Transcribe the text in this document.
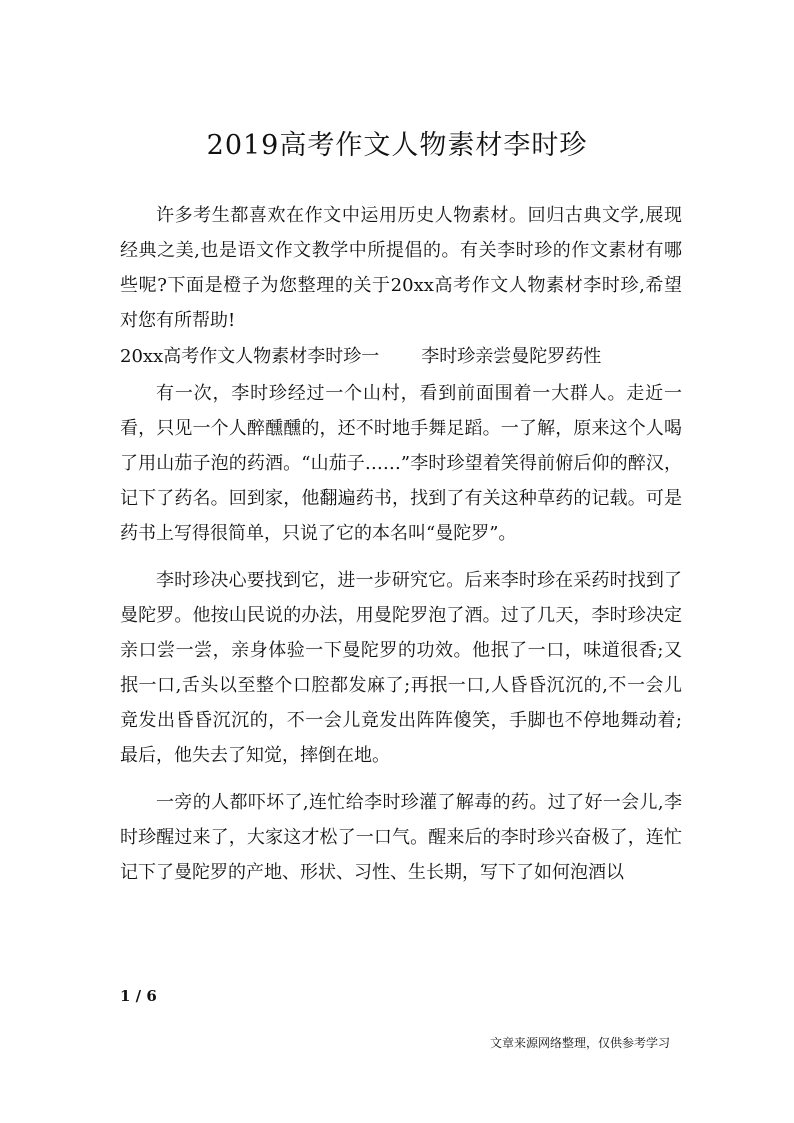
2019高考作文人物素材李时珍

许多考生都喜欢在作文中运用历史人物素材。回归古典文学,展现经典之美,也是语文作文教学中所提倡的。有关李时珍的作文素材有哪些呢?下面是橙子为您整理的关于20xx高考作文人物素材李时珍,希望对您有所帮助!

20xx高考作文人物素材李时珍一 李时珍亲尝曼陀罗药性

有一次，李时珍经过一个山村，看到前面围着一大群人。走近一看，只见一个人醉醺醺的，还不时地手舞足蹈。一了解，原来这个人喝了用山茄子泡的药酒。“山茄子……”李时珍望着笑得前俯后仰的醉汉，记下了药名。回到家，他翻遍药书，找到了有关这种草药的记载。可是药书上写得很简单，只说了它的本名叫“曼陀罗”。

李时珍决心要找到它，进一步研究它。后来李时珍在采药时找到了曼陀罗。他按山民说的办法，用曼陀罗泡了酒。过了几天，李时珍决定亲口尝一尝，亲身体验一下曼陀罗的功效。他抿了一口，味道很香;又抿一口,舌头以至整个口腔都发麻了;再抿一口,人昏昏沉沉的,不一会儿竟发出昏昏沉沉的，不一会儿竟发出阵阵傻笑，手脚也不停地舞动着;最后，他失去了知觉，摔倒在地。

一旁的人都吓坏了,连忙给李时珍灌了解毒的药。过了好一会儿,李时珍醒过来了，大家这才松了一口气。醒来后的李时珍兴奋极了，连忙记下了曼陀罗的产地、形状、习性、生长期，写下了如何泡酒以

1 / 6

文章来源网络整理，仅供参考学习
